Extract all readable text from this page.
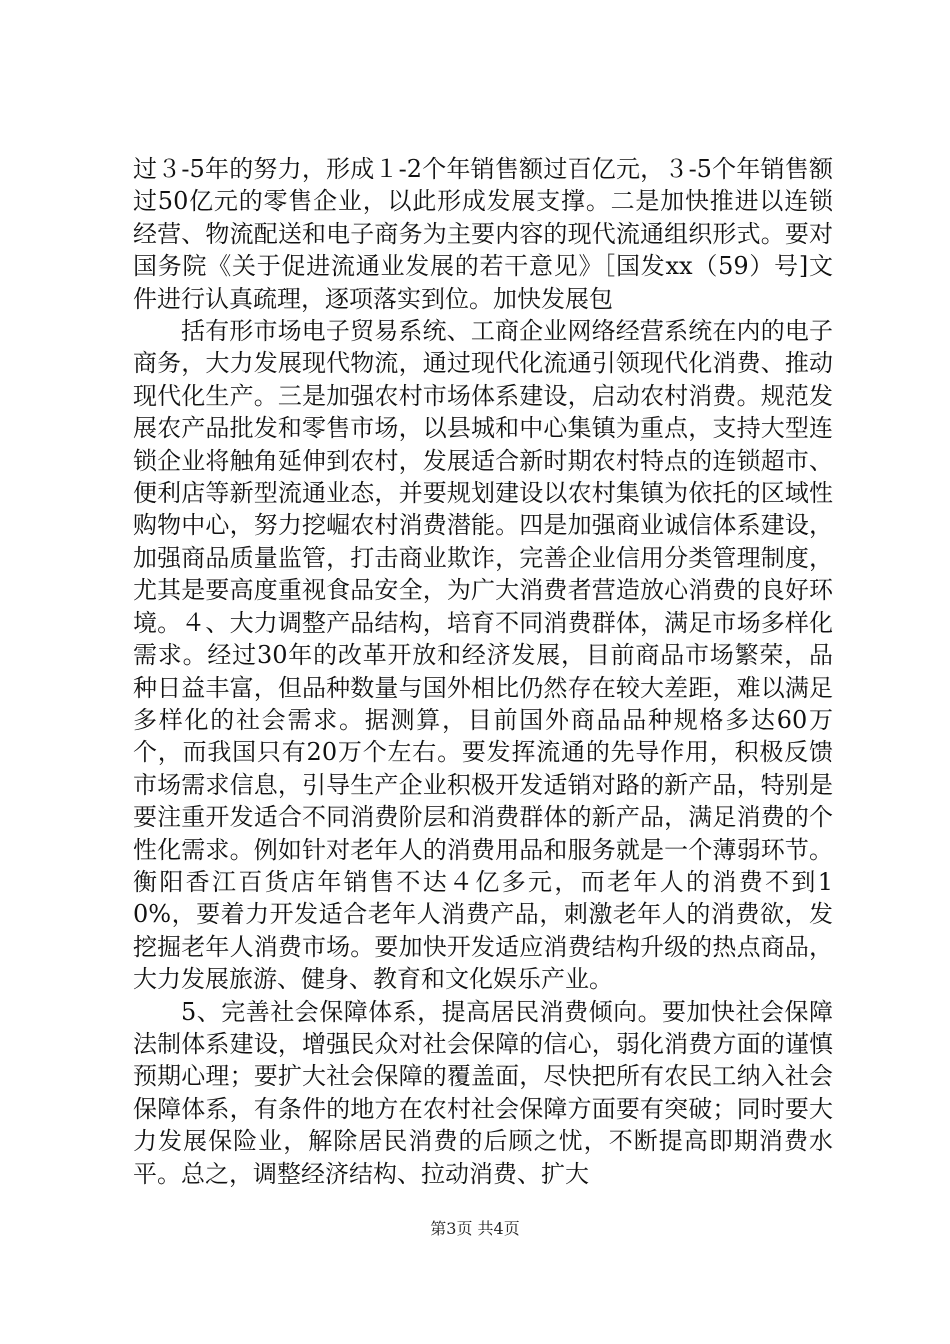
过３-5年的努力，形成１-2个年销售额过百亿元，３-5个年销售额过50亿元的零售企业，以此形成发展支撑。二是加快推进以连锁经营、物流配送和电子商务为主要内容的现代流通组织形式。要对国务院《关于促进流通业发展的若干意见》［国发xx（59）号]文件进行认真疏理，逐项落实到位。加快发展包

括有形市场电子贸易系统、工商企业网络经营系统在内的电子商务，大力发展现代物流，通过现代化流通引领现代化消费、推动现代化生产。三是加强农村市场体系建设，启动农村消费。规范发展农产品批发和零售市场，以县城和中心集镇为重点，支持大型连锁企业将触角延伸到农村，发展适合新时期农村特点的连锁超市、便利店等新型流通业态，并要规划建设以农村集镇为依托的区域性购物中心，努力挖崛农村消费潜能。四是加强商业诚信体系建设，加强商品质量监管，打击商业欺诈，完善企业信用分类管理制度，尤其是要高度重视食品安全，为广大消费者营造放心消费的良好环境。４、大力调整产品结构，培育不同消费群体，满足市场多样化需求。经过30年的改革开放和经济发展，目前商品市场繁荣，品种日益丰富，但品种数量与国外相比仍然存在较大差距，难以满足多样化的社会需求。据测算，目前国外商品品种规格多达60万个，而我国只有20万个左右。要发挥流通的先导作用，积极反馈市场需求信息，引导生产企业积极开发适销对路的新产品，特别是要注重开发适合不同消费阶层和消费群体的新产品，满足消费的个性化需求。例如针对老年人的消费用品和服务就是一个薄弱环节。衡阳香江百货店年销售不达４亿多元，而老年人的消费不到10%，要着力开发适合老年人消费产品，刺激老年人的消费欲，发挖掘老年人消费市场。要加快开发适应消费结构升级的热点商品，大力发展旅游、健身、教育和文化娱乐产业。

5、完善社会保障体系，提高居民消费倾向。要加快社会保障法制体系建设，增强民众对社会保障的信心，弱化消费方面的谨慎预期心理；要扩大社会保障的覆盖面，尽快把所有农民工纳入社会保障体系，有条件的地方在农村社会保障方面要有突破；同时要大力发展保险业，解除居民消费的后顾之忧，不断提高即期消费水平。总之，调整经济结构、拉动消费、扩大

第3页 共4页
